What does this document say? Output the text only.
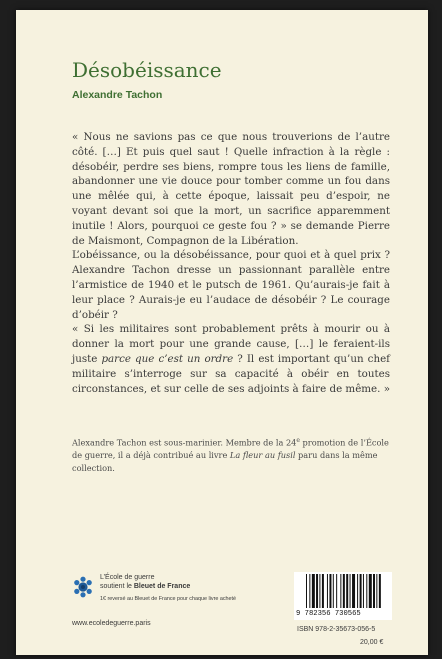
Désobéissance
Alexandre Tachon

« Nous ne savions pas ce que nous trouverions de l’autre côté. […] Et puis quel saut ! Quelle infraction à la règle : désobéir, perdre ses biens, rompre tous les liens de famille, abandonner une vie douce pour tomber comme un fou dans une mêlée qui, à cette époque, laissait peu d’espoir, ne voyant devant soi que la mort, un sacrifice apparemment inutile ! Alors, pourquoi ce geste fou ? » se demande Pierre de Maismont, Compagnon de la Libération.

L’obéissance, ou la désobéissance, pour quoi et à quel prix ? Alexandre Tachon dresse un passionnant parallèle entre l’armistice de 1940 et le putsch de 1961. Qu’aurais-je fait à leur place ? Aurais-je eu l’audace de désobéir ? Le courage d’obéir ?

« Si les militaires sont probablement prêts à mourir ou à donner la mort pour une grande cause, […] le feraient-ils juste parce que c’est un ordre ? Il est important qu’un chef militaire s’interroge sur sa capacité à obéir en toutes circonstances, et sur celle de ses adjoints à faire de même. »

Alexandre Tachon est sous-marinier. Membre de la 24e promotion de l’École de guerre, il a déjà contribué au livre La fleur au fusil paru dans la même collection.
L’École de guerre
soutient le Bleuet de France
1€ reversé au Bleuet de France pour chaque livre acheté
www.ecoledeguerre.paris
9 782356 730565
ISBN 978-2-35673-056-5
20,00 €
